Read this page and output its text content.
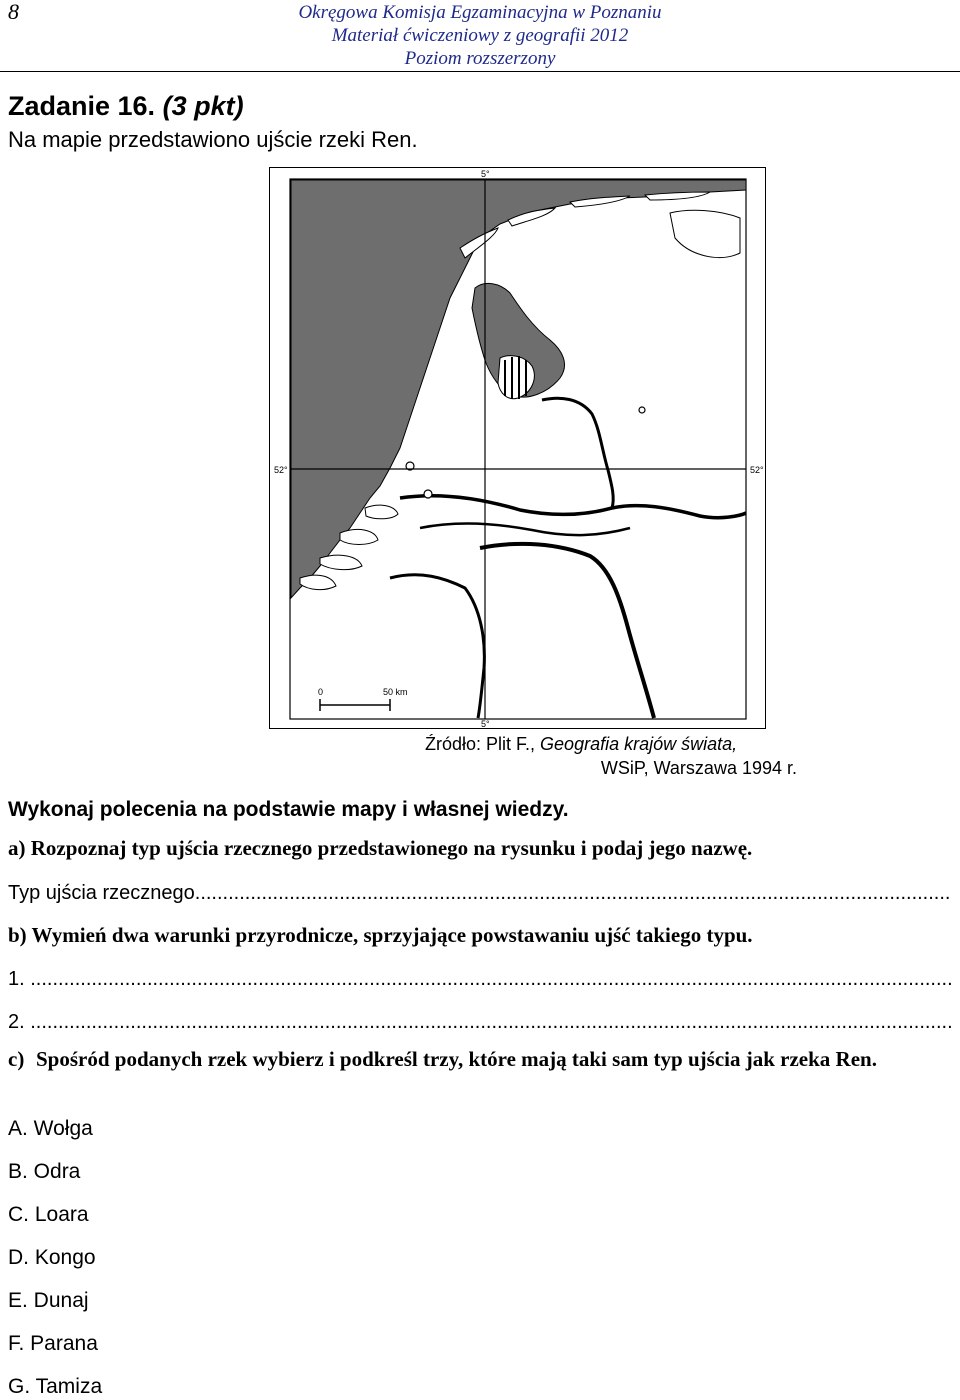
8	Okręgowa Komisja Egzaminacyjna w Poznaniu
Materiał ćwiczeniowy z geografii 2012
Poziom rozszerzony
Zadanie 16. (3 pkt)
Na mapie przedstawiono ujście rzeki Ren.
5°
5°
52°	52°
0	50 km
Źródło: Plit F., Geografia krajów świata,
WSiP, Warszawa 1994 r.
Wykonaj polecenia na podstawie mapy i własnej wiedzy.
a) Rozpoznaj typ ujścia rzecznego przedstawionego na rysunku i podaj jego nazwę.
Typ ujścia rzecznego
.....
b) Wymień dwa warunki przyrodnicze, sprzyjające powstawaniu ujść takiego typu.
1.

.....
2.

.....
c) Spośród podanych rzek wybierz i podkreśl trzy, które mają taki sam typ ujścia jak rzeka Ren.
A. Wołga
B. Odra
C. Loara
D. Kongo
E. Dunaj
F. Parana
G. Tamiza
